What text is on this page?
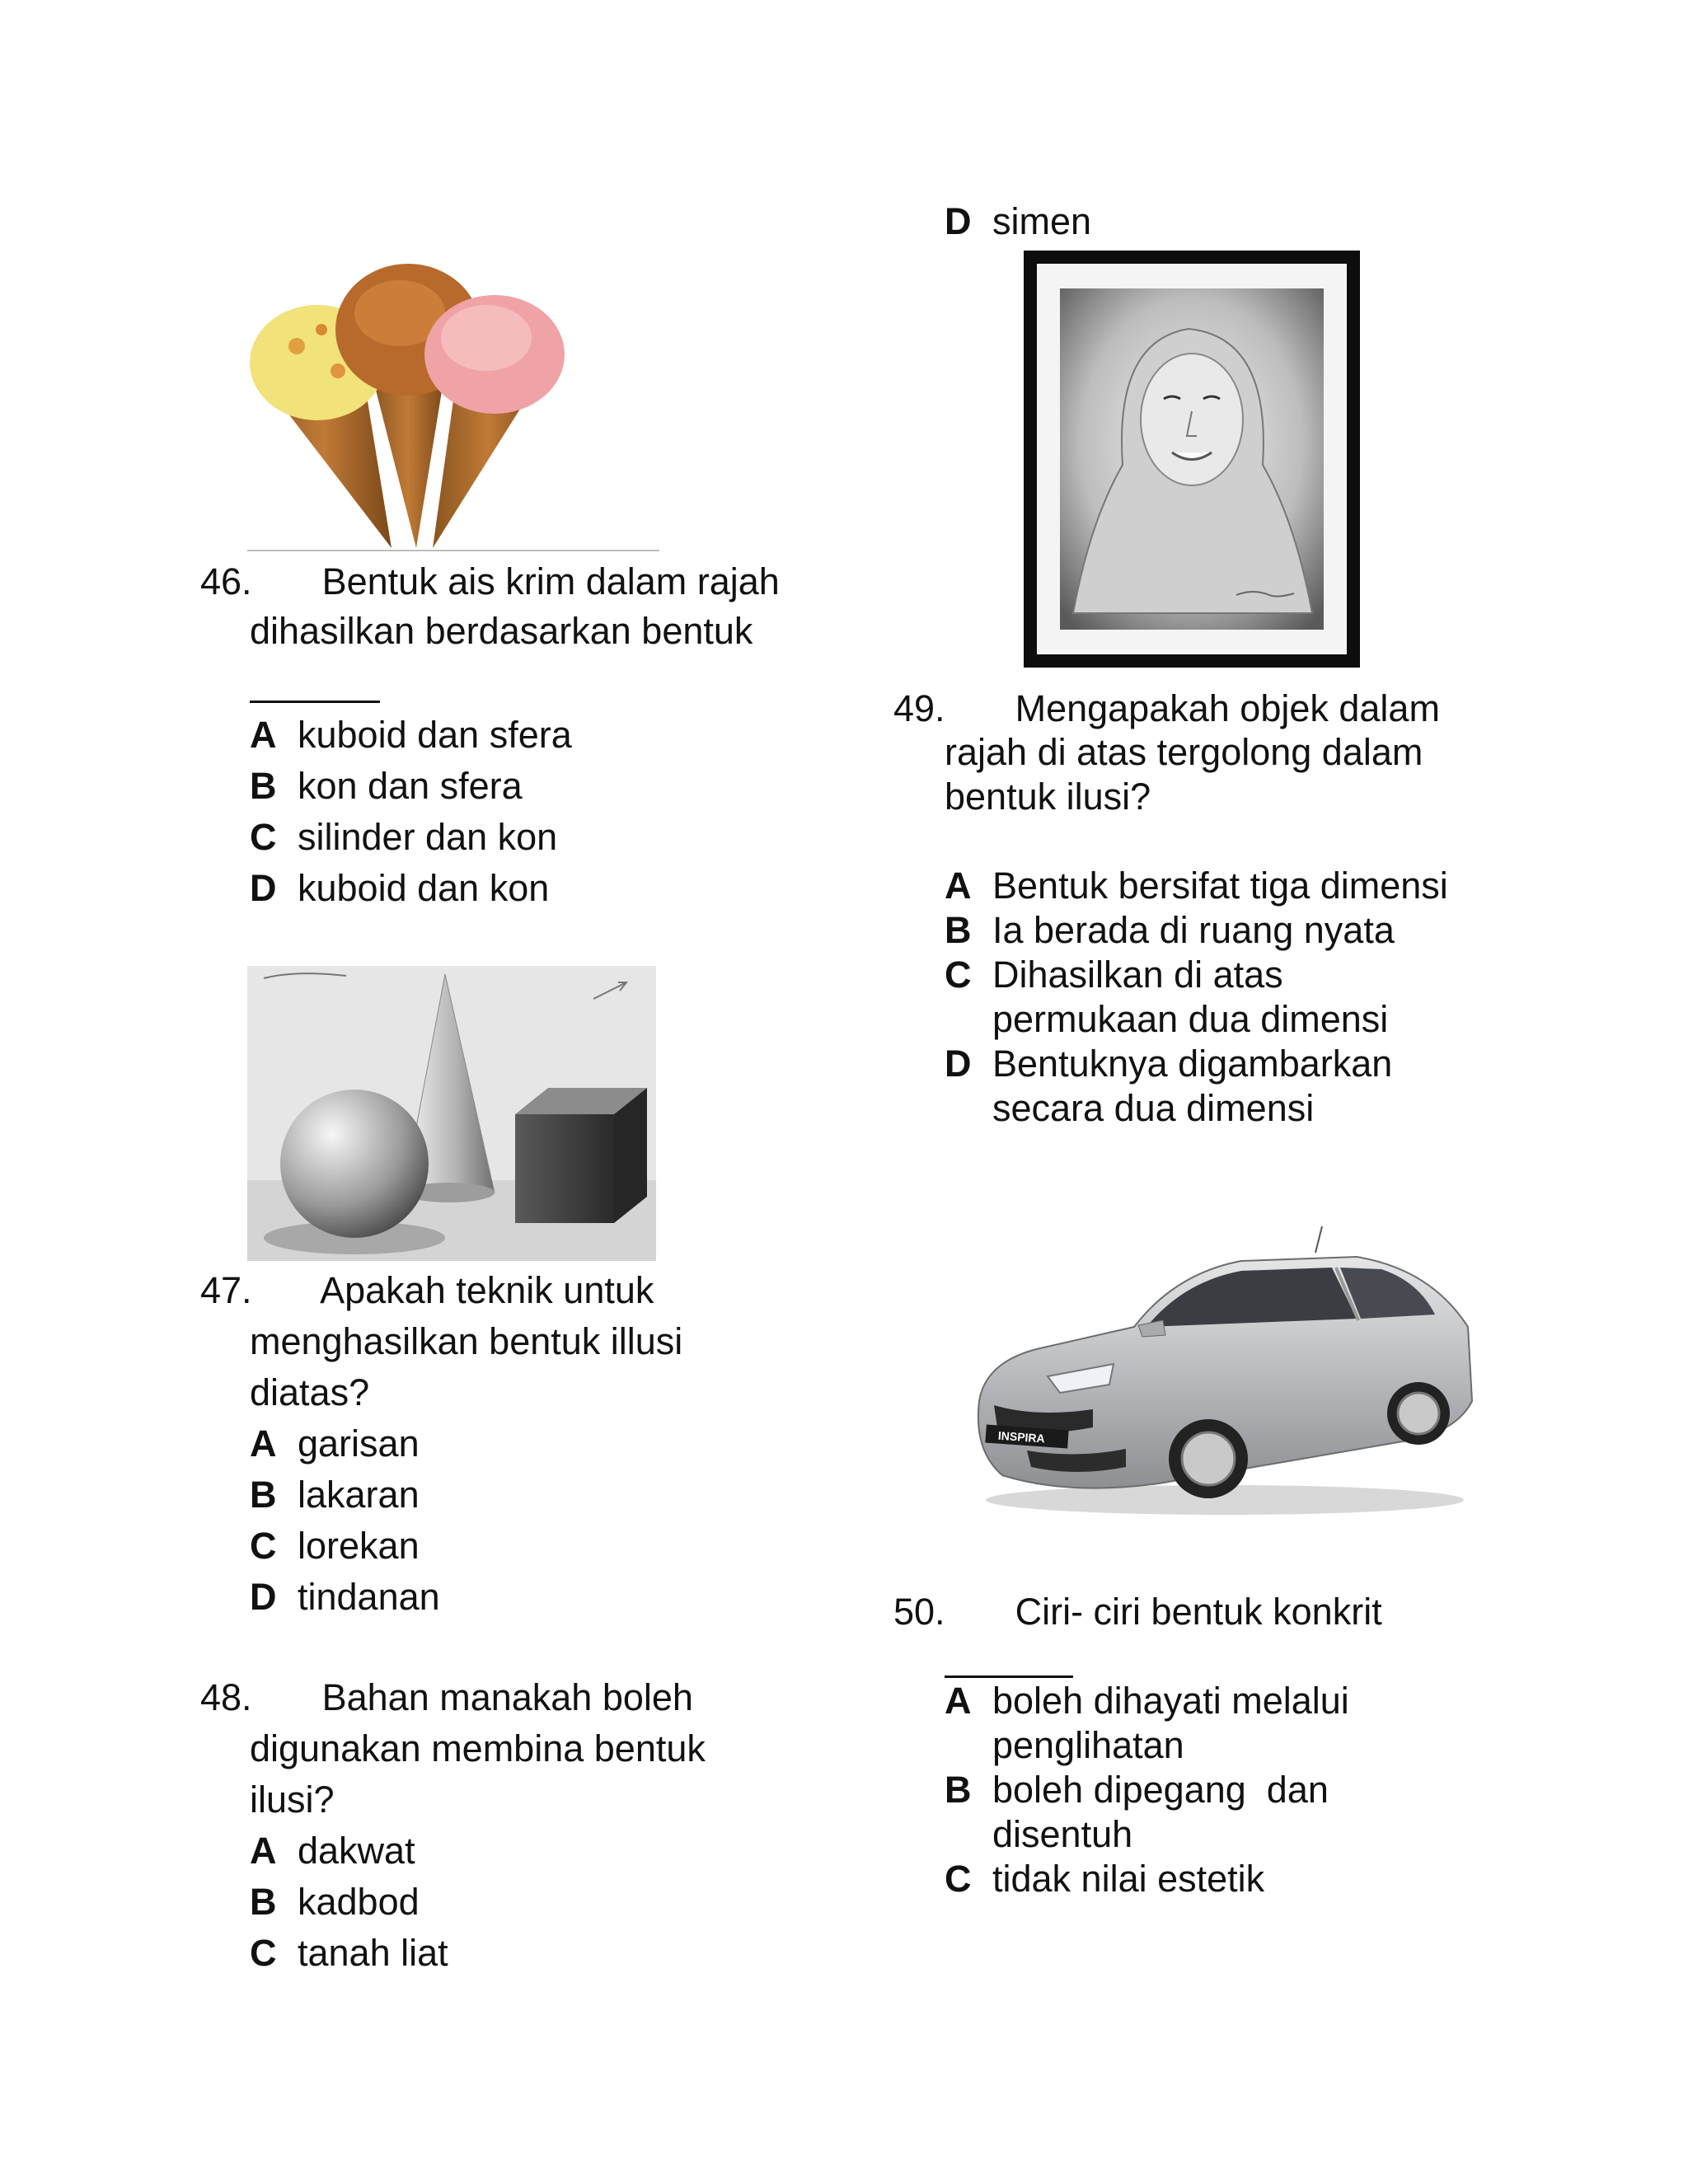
46. Bentuk ais krim dalam rajah
dihasilkan berdasarkan bentuk
A kuboid dan sfera
B kon dan sfera
C silinder dan kon
D kuboid dan kon
47. Apakah teknik untuk
menghasilkan bentuk illusi
diatas?
A garisan
B lakaran
C lorekan
D tindanan
48. Bahan manakah boleh
digunakan membina bentuk
ilusi?
A dakwat
B kadbod
C tanah liat
D simen
49. Mengapakah objek dalam
rajah di atas tergolong dalam
bentuk ilusi?
A Bentuk bersifat tiga dimensi
B Ia berada di ruang nyata
C Dihasilkan di atas
permukaan dua dimensi
D Bentuknya digambarkan
secara dua dimensi
INSPIRA
50. Ciri- ciri bentuk konkrit
A boleh dihayati melalui
penglihatan
B boleh dipegang  dan
disentuh
C tidak nilai estetik
